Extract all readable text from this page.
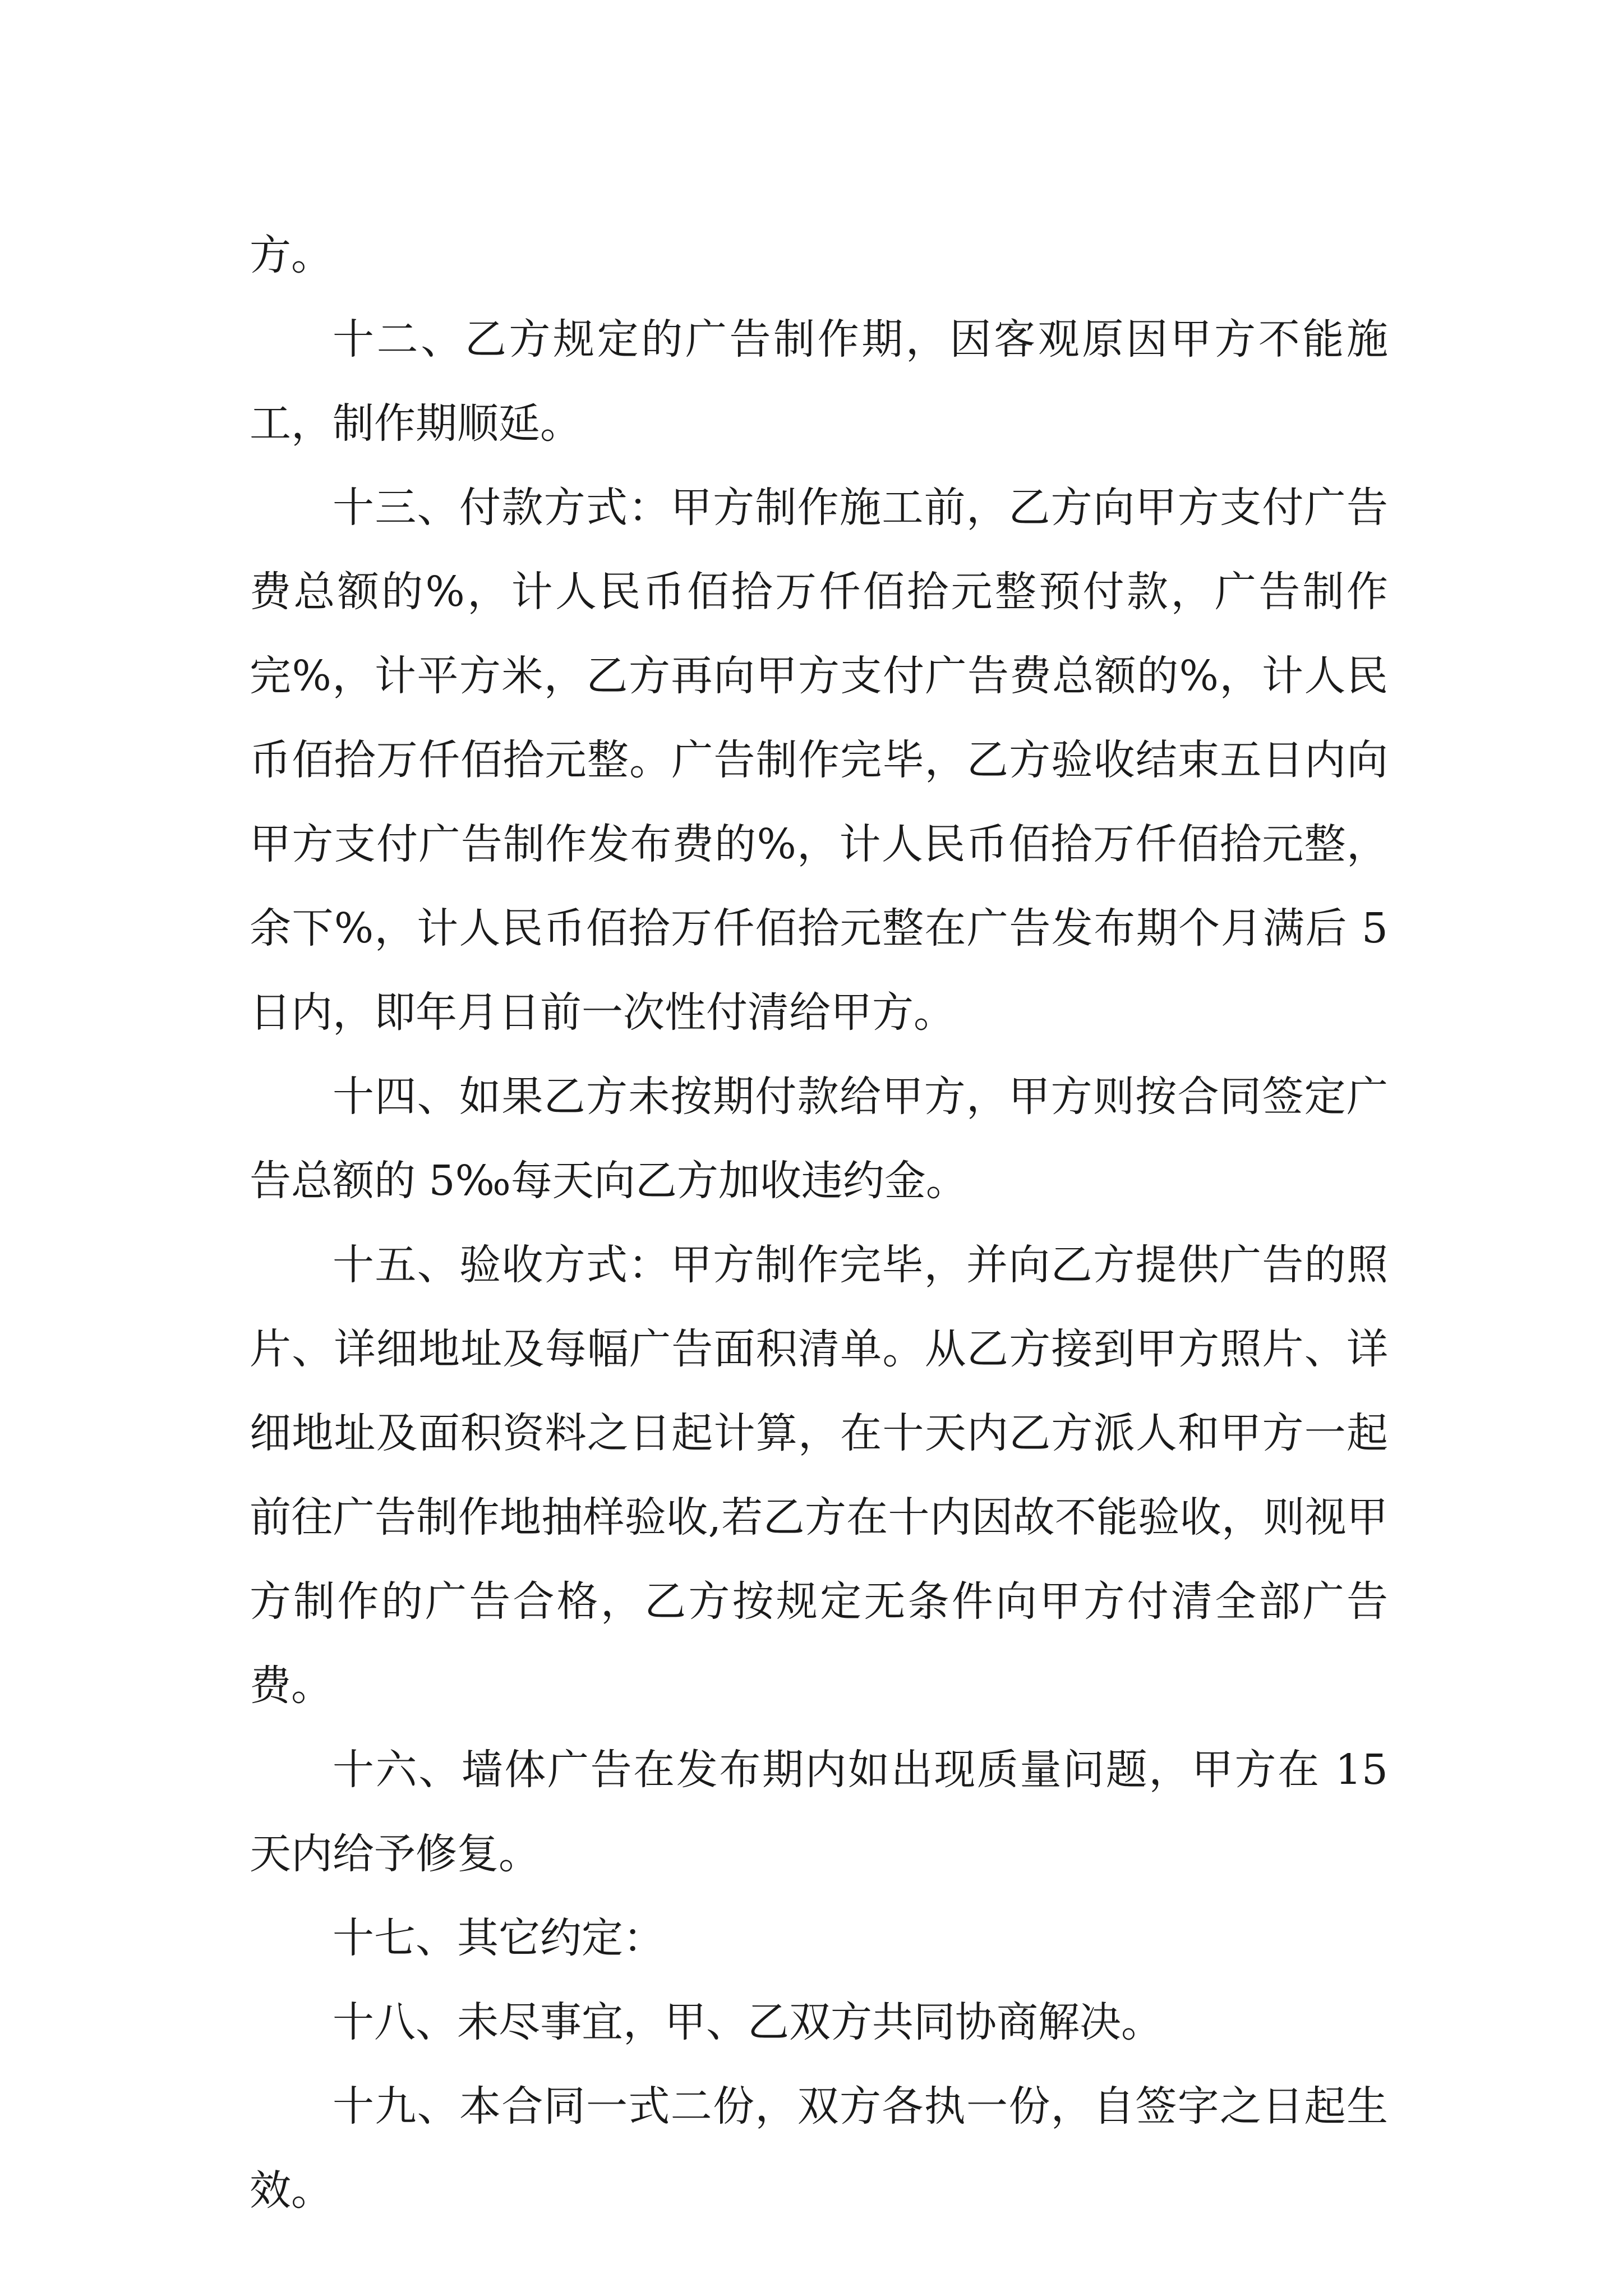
方。

十二、乙方规定的广告制作期，因客观原因甲方不能施工，制作期顺延。

十三、付款方式：甲方制作施工前，乙方向甲方支付广告费总额的%，计人民币佰拾万仟佰拾元整预付款，广告制作完%，计平方米，乙方再向甲方支付广告费总额的%，计人民币佰拾万仟佰拾元整。广告制作完毕，乙方验收结束五日内向甲方支付广告制作发布费的%，计人民币佰拾万仟佰拾元整，余下%，计人民币佰拾万仟佰拾元整在广告发布期个月满后 5 日内，即年月日前一次性付清给甲方。

十四、如果乙方未按期付款给甲方，甲方则按合同签定广告总额的 5‰每天向乙方加收违约金。

十五、验收方式：甲方制作完毕，并向乙方提供广告的照片、详细地址及每幅广告面积清单。从乙方接到甲方照片、详细地址及面积资料之日起计算，在十天内乙方派人和甲方一起前往广告制作地抽样验收,若乙方在十内因故不能验收，则视甲方制作的广告合格，乙方按规定无条件向甲方付清全部广告费。

十六、墙体广告在发布期内如出现质量问题，甲方在 15 天内给予修复。

十七、其它约定：

十八、未尽事宜，甲、乙双方共同协商解决。

十九、本合同一式二份，双方各执一份，自签字之日起生效。
